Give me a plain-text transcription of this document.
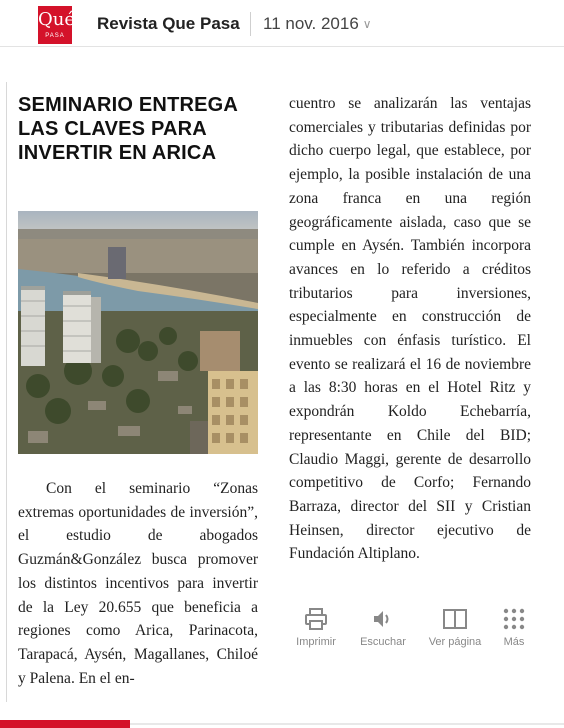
Qué
PASA
Revista Que Pasa 11 nov. 2016 ∨
SEMINARIO ENTREGA LAS CLAVES PARA INVERTIR EN ARICA

Con el seminario “Zonas extremas oportunidades de inversión”, el estudio de abogados Guzmán&González busca promover los distintos incentivos para invertir de la Ley 20.655 que beneficia a regiones como Arica, Parinacota, Tarapacá, Aysén, Magallanes, Chiloé y Palena. En el en-

cuentro se analizarán las ventajas comerciales y tributarias definidas por dicho cuerpo legal, que establece, por ejemplo, la posible instalación de una zona franca en una región geográficamente aislada, caso que se cumple en Aysén. También incorpora avances en lo referido a créditos tributarios para inversiones, especialmente en construcción de inmuebles con énfasis turístico. El evento se realizará el 16 de noviembre a las 8:30 horas en el Hotel Ritz y expondrán Koldo Echebarría, representante en Chile del BID; Claudio Maggi, gerente de desarrollo competitivo de Corfo; Fernando Barraza, director del SII y Cristian Heinsen, director ejecutivo de Fundación Altiplano.

Imprimir	Escuchar	Ver página	Más
